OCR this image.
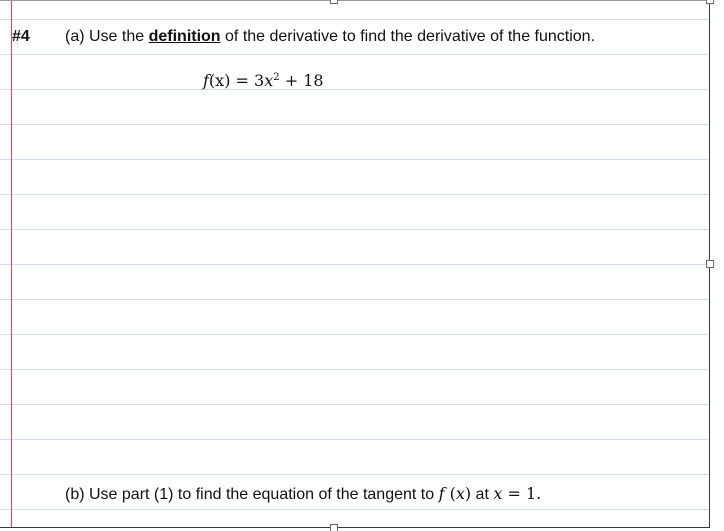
#4 (a) Use the definition of the derivative to find the derivative of the function.
$f(x) = 3x^2 + 18$
(b) Use part (1) to find the equation of the tangent to f (x) at x = 1.
